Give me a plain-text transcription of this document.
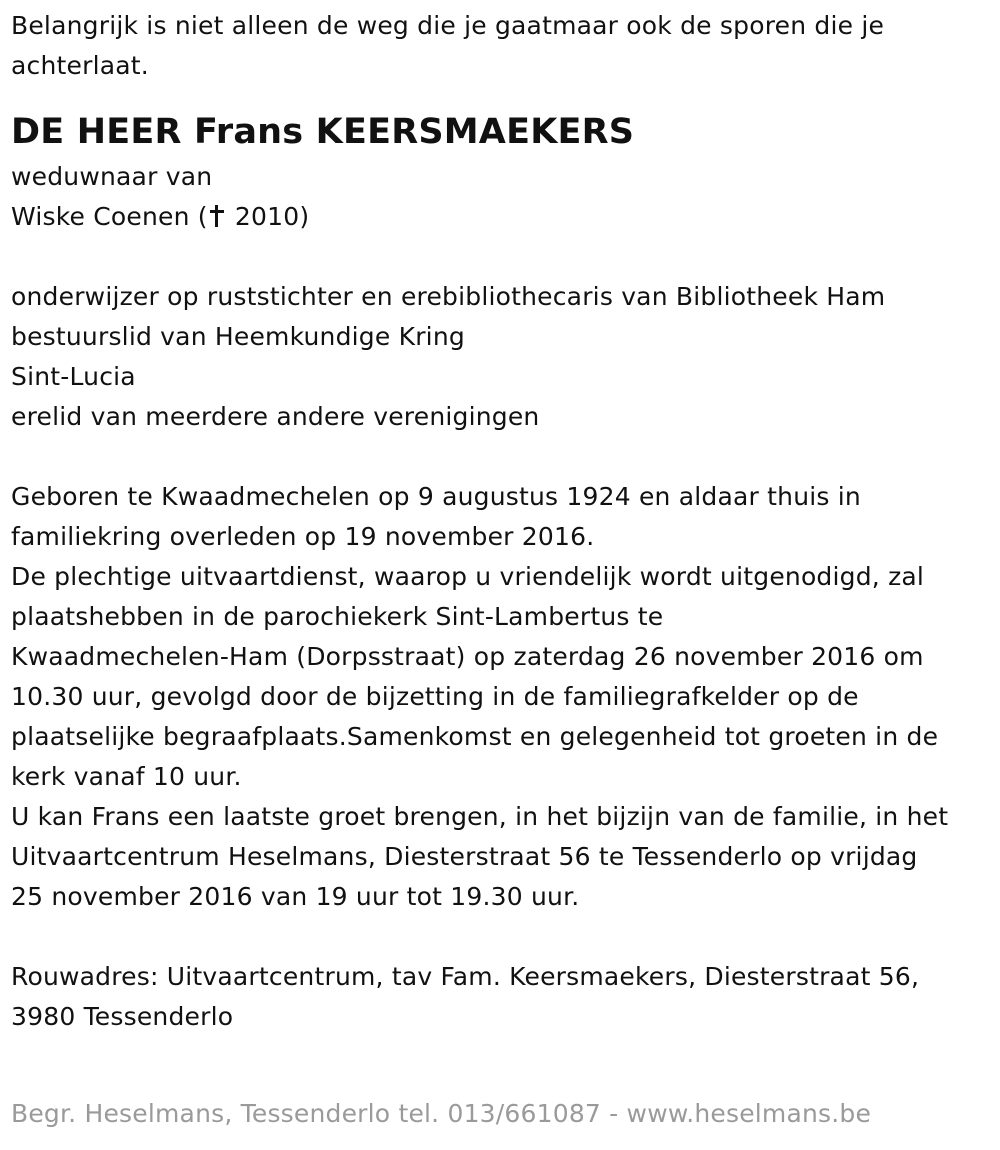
Belangrijk is niet alleen de weg die je gaatmaar ook de sporen die je
achterlaat.
DE HEER Frans KEERSMAEKERS
weduwnaar van
Wiske Coenen ( 2010)
onderwijzer op ruststichter en erebibliothecaris van Bibliotheek Ham
bestuurslid van Heemkundige Kring
Sint-Lucia
erelid van meerdere andere verenigingen
Geboren te Kwaadmechelen op 9 augustus 1924 en aldaar thuis in
familiekring overleden op 19 november 2016.
De plechtige uitvaartdienst, waarop u vriendelijk wordt uitgenodigd, zal
plaatshebben in de parochiekerk Sint-Lambertus te
Kwaadmechelen-Ham (Dorpsstraat) op zaterdag 26 november 2016 om
10.30 uur, gevolgd door de bijzetting in de familiegrafkelder op de
plaatselijke begraafplaats.Samenkomst en gelegenheid tot groeten in de
kerk vanaf 10 uur.
U kan Frans een laatste groet brengen, in het bijzijn van de familie, in het
Uitvaartcentrum Heselmans, Diesterstraat 56 te Tessenderlo op vrijdag
25 november 2016 van 19 uur tot 19.30 uur.
Rouwadres: Uitvaartcentrum, tav Fam. Keersmaekers, Diesterstraat 56,
3980 Tessenderlo
Begr. Heselmans, Tessenderlo tel. 013/661087 - www.heselmans.be
